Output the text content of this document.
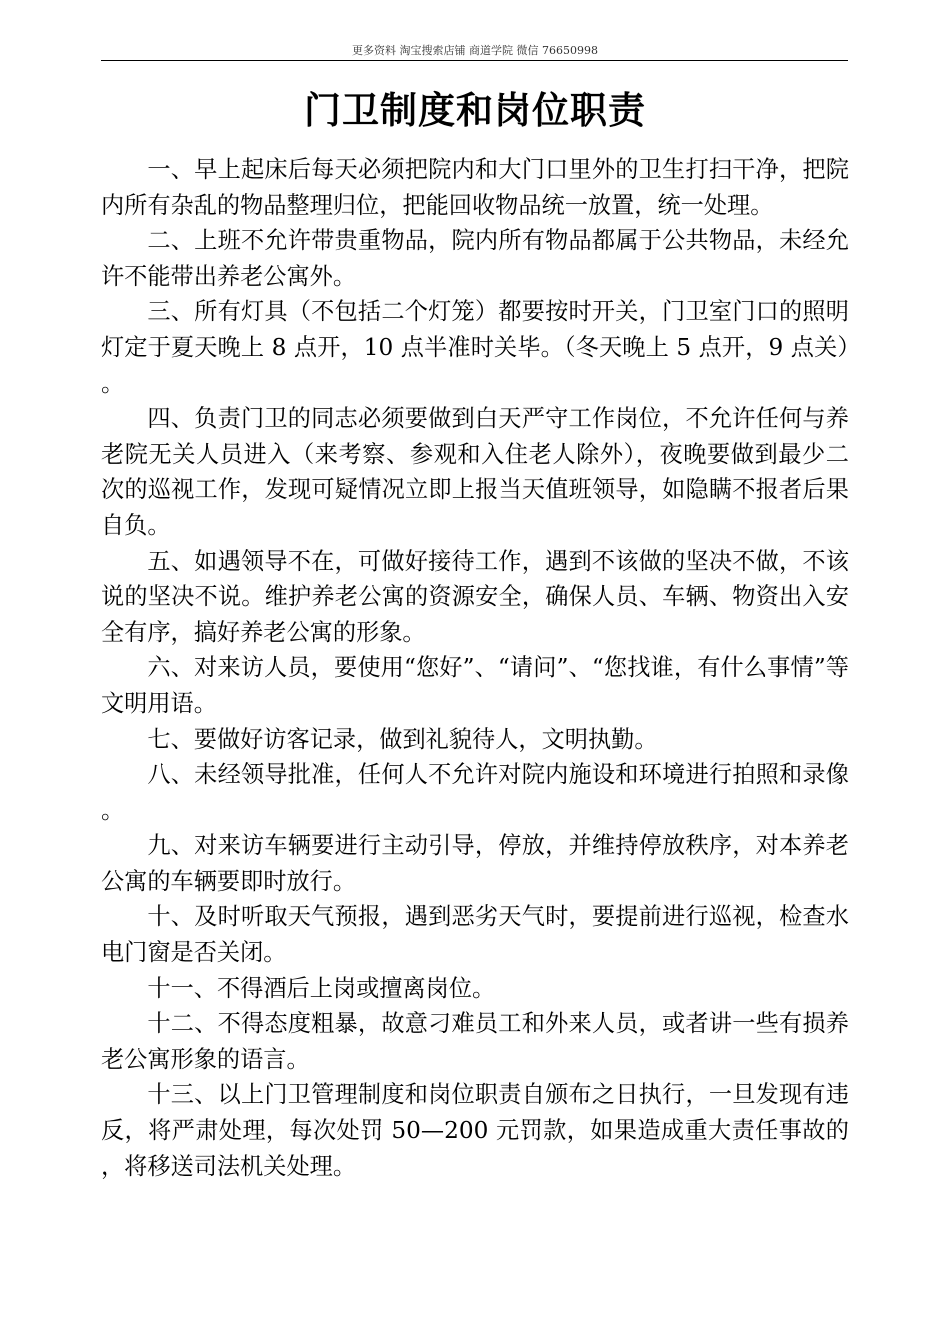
更多资料 淘宝搜索店铺 商道学院 微信 76650998
门卫制度和岗位职责

一、早上起床后每天必须把院内和大门口里外的卫生打扫干净，把院内所有杂乱的物品整理归位，把能回收物品统一放置，统一处理。

二、上班不允许带贵重物品，院内所有物品都属于公共物品，未经允许不能带出养老公寓外。

三、所有灯具（不包括二个灯笼）都要按时开关，门卫室门口的照明灯定于夏天晚上 8 点开，10 点半准时关毕。（冬天晚上 5 点开，9 点关）。

四、负责门卫的同志必须要做到白天严守工作岗位，不允许任何与养老院无关人员进入（来考察、参观和入住老人除外），夜晚要做到最少二次的巡视工作，发现可疑情况立即上报当天值班领导，如隐瞒不报者后果自负。

五、如遇领导不在，可做好接待工作，遇到不该做的坚决不做，不该说的坚决不说。维护养老公寓的资源安全，确保人员、车辆、物资出入安全有序，搞好养老公寓的形象。

六、对来访人员，要使用“您好”、“请问”、“您找谁，有什么事情”等文明用语。

七、要做好访客记录，做到礼貌待人，文明执勤。

八、未经领导批准，任何人不允许对院内施设和环境进行拍照和录像。

九、对来访车辆要进行主动引导，停放，并维持停放秩序，对本养老公寓的车辆要即时放行。

十、及时听取天气预报，遇到恶劣天气时，要提前进行巡视，检查水电门窗是否关闭。

十一、不得酒后上岗或擅离岗位。

十二、不得态度粗暴，故意刁难员工和外来人员，或者讲一些有损养老公寓形象的语言。

十三、以上门卫管理制度和岗位职责自颁布之日执行，一旦发现有违反，将严肃处理，每次处罚 50—200 元罚款，如果造成重大责任事故的，将移送司法机关处理。
